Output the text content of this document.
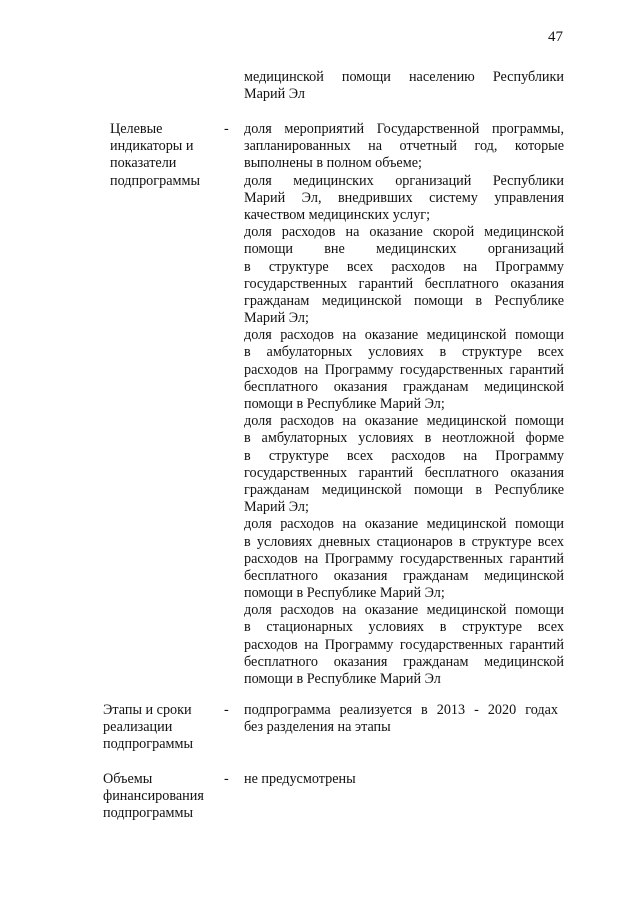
47
медицинской помощи населению Республики
Марий Эл
Целевые
индикаторы и
показатели
подпрограммы
- доля мероприятий Государственной программы,
запланированных на отчетный год, которые
выполнены в полном объеме;
доля медицинских организаций Республики
Марий Эл, внедривших систему управления
качеством медицинских услуг;
доля расходов на оказание скорой медицинской
помощи вне медицинских организаций
в структуре всех расходов на Программу
государственных гарантий бесплатного оказания
гражданам медицинской помощи в Республике
Марий Эл;
доля расходов на оказание медицинской помощи
в амбулаторных условиях в структуре всех
расходов на Программу государственных гарантий
бесплатного оказания гражданам медицинской
помощи в Республике Марий Эл;
доля расходов на оказание медицинской помощи
в амбулаторных условиях в неотложной форме
в структуре всех расходов на Программу
государственных гарантий бесплатного оказания
гражданам медицинской помощи в Республике
Марий Эл;
доля расходов на оказание медицинской помощи
в условиях дневных стационаров в структуре всех
расходов на Программу государственных гарантий
бесплатного оказания гражданам медицинской
помощи в Республике Марий Эл;
доля расходов на оказание медицинской помощи
в стационарных условиях в структуре всех
расходов на Программу государственных гарантий
бесплатного оказания гражданам медицинской
помощи в Республике Марий Эл
Этапы и сроки
реализации
подпрограммы
- подпрограмма реализуется в 2013 - 2020 годах
без разделения на этапы
Объемы
финансирования
подпрограммы
- не предусмотрены
